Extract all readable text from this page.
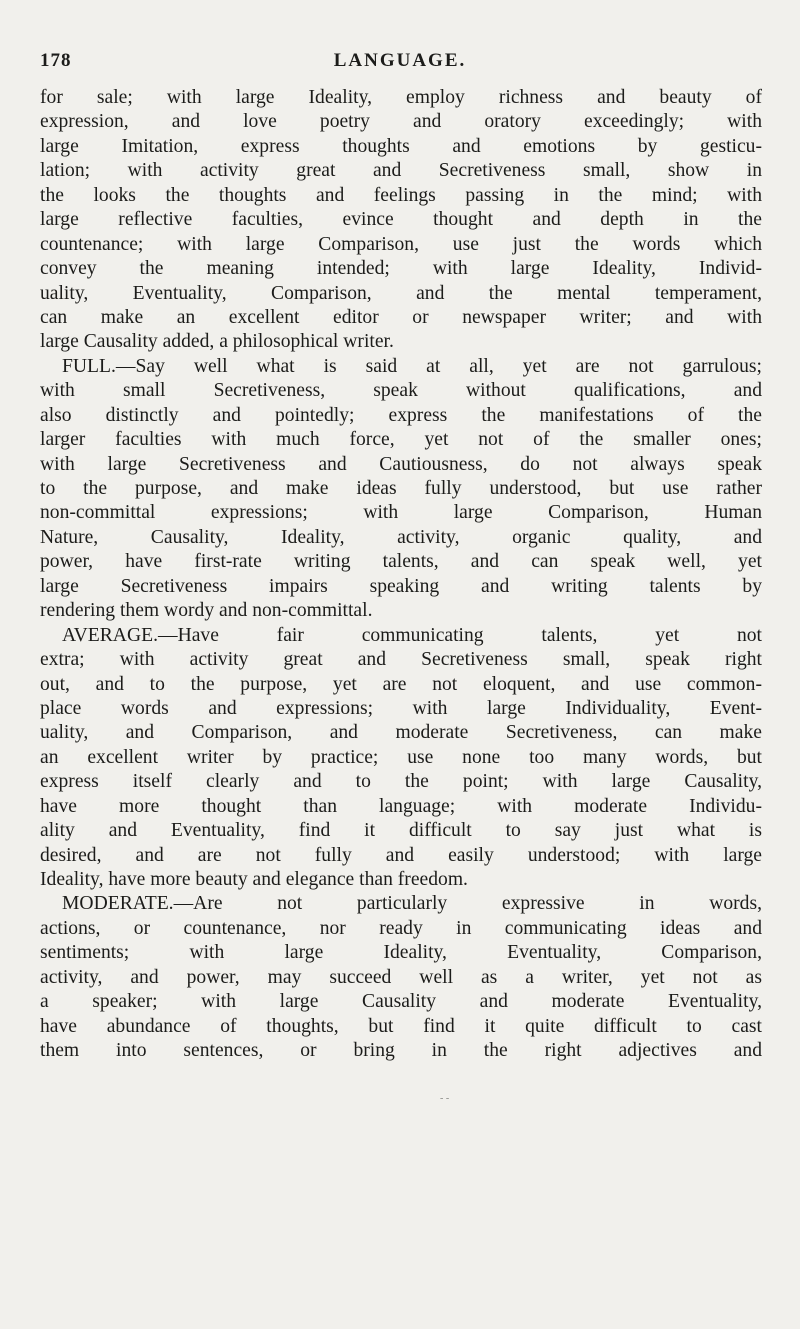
178	LANGUAGE.
for sale; with large Ideality, employ richness and beauty of
expression, and love poetry and oratory exceedingly; with
large Imitation, express thoughts and emotions by gesticu-
lation; with activity great and Secretiveness small, show in
the looks the thoughts and feelings passing in the mind; with
large reflective faculties, evince thought and depth in the
countenance; with large Comparison, use just the words which
convey the meaning intended; with large Ideality, Individ-
uality, Eventuality, Comparison, and the mental temperament,
can make an excellent editor or newspaper writer; and with
large Causality added, a philosophical writer.
FULL.—Say well what is said at all, yet are not garrulous;
with small Secretiveness, speak without qualifications, and
also distinctly and pointedly; express the manifestations of the
larger faculties with much force, yet not of the smaller ones;
with large Secretiveness and Cautiousness, do not always speak
to the purpose, and make ideas fully understood, but use rather
non-committal expressions; with large Comparison, Human
Nature, Causality, Ideality, activity, organic quality, and
power, have first-rate writing talents, and can speak well, yet
large Secretiveness impairs speaking and writing talents by
rendering them wordy and non-committal.
AVERAGE.—Have fair communicating talents, yet not
extra; with activity great and Secretiveness small, speak right
out, and to the purpose, yet are not eloquent, and use common-
place words and expressions; with large Individuality, Event-
uality, and Comparison, and moderate Secretiveness, can make
an excellent writer by practice; use none too many words, but
express itself clearly and to the point; with large Causality,
have more thought than language; with moderate Individu-
ality and Eventuality, find it difficult to say just what is
desired, and are not fully and easily understood; with large
Ideality, have more beauty and elegance than freedom.
MODERATE.—Are not particularly expressive in words,
actions, or countenance, nor ready in communicating ideas and
sentiments; with large Ideality, Eventuality, Comparison,
activity, and power, may succeed well as a writer, yet not as
a speaker; with large Causality and moderate Eventuality,
have abundance of thoughts, but find it quite difficult to cast
them into sentences, or bring in the right adjectives and
- -
